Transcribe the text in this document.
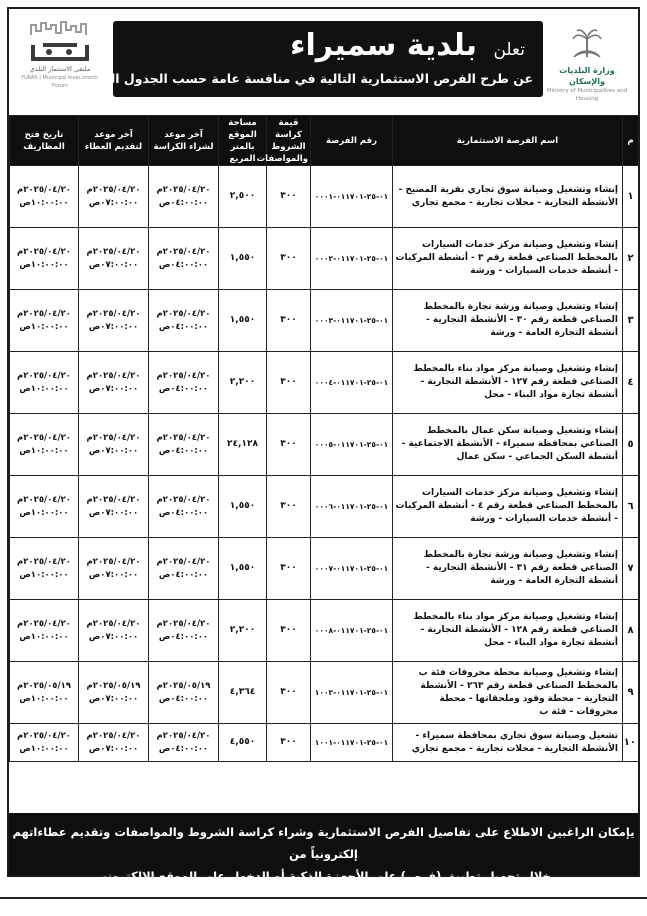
ملتقى الاستثمار البلدي
FURAS | Municipal Investments Forum
تعلن بلدية سميراء
عن طرح الفرص الاستثمارية التالية في منافسة عامة حسب الجدول التالي:
وزارة البلديات والإسكان
Ministry of Municipalities and Housing
م	اسم الفرصة الاستثمارية	رقم الفرصة	قيمة كراسة الشروط والمواصفات	مساحة الموقع بالمتر المربع	آخر موعد لشراء الكراسة	آخر موعد لتقديم العطاء	تاريخ فتح المظاريف
١	إنشاء وتشغيل وصيانة سوق تجاري بقرية المضيح - الأنشطة التجارية - محلات تجارية - مجمع تجاري	٠١-٢٥-٠١١٧٠١-٠٠٠١	٣٠٠	٢,٥٠٠	٢٠٢٥/٠٤/٢٠م ٠٤:٠٠:٠٠ص	٢٠٢٥/٠٤/٢٠م ٠٧:٠٠:٠٠ص	٢٠٢٥/٠٤/٢٠م ١٠:٠٠:٠٠ص
٢	إنشاء وتشغيل وصيانة مركز خدمات السيارات بالمخطط الصناعي قطعة رقم ٣ - أنشطة المركبات - أنشطة خدمات السيارات - ورشة	٠١-٢٥-٠١١٧٠١-٠٠٠٢	٣٠٠	١,٥٥٠	٢٠٢٥/٠٤/٢٠م ٠٤:٠٠:٠٠ص	٢٠٢٥/٠٤/٢٠م ٠٧:٠٠:٠٠ص	٢٠٢٥/٠٤/٢٠م ١٠:٠٠:٠٠ص
٣	إنشاء وتشغيل وصيانة ورشة نجارة بالمخطط الصناعي قطعة رقم ٣٠ - الأنشطة التجارية - أنشطة التجارة العامة - ورشة	٠١-٢٥-٠١١٧٠١-٠٠٠٣	٣٠٠	١,٥٥٠	٢٠٢٥/٠٤/٢٠م ٠٤:٠٠:٠٠ص	٢٠٢٥/٠٤/٢٠م ٠٧:٠٠:٠٠ص	٢٠٢٥/٠٤/٢٠م ١٠:٠٠:٠٠ص
٤	إنشاء وتشغيل وصيانة مركز مواد بناء بالمخطط الصناعي قطعة رقم ١٢٧ - الأنشطة التجارية - أنشطة تجارة مواد البناء - محل	٠١-٢٥-٠١١٧٠١-٠٠٠٤	٣٠٠	٢,٢٠٠	٢٠٢٥/٠٤/٢٠م ٠٤:٠٠:٠٠ص	٢٠٢٥/٠٤/٢٠م ٠٧:٠٠:٠٠ص	٢٠٢٥/٠٤/٢٠م ١٠:٠٠:٠٠ص
٥	إنشاء وتشغيل وصيانة سكن عمال بالمخطط الصناعي بمحافظة سميراء - الأنشطة الاجتماعية - أنشطة السكن الجماعي - سكن عمال	٠١-٢٥-٠١١٧٠١-٠٠٠٥	٣٠٠	٢٤,١٢٨	٢٠٢٥/٠٤/٢٠م ٠٤:٠٠:٠٠ص	٢٠٢٥/٠٤/٢٠م ٠٧:٠٠:٠٠ص	٢٠٢٥/٠٤/٢٠م ١٠:٠٠:٠٠ص
٦	إنشاء وتشغيل وصيانة مركز خدمات السيارات بالمخطط الصناعي قطعة رقم ٤ - أنشطة المركبات - أنشطة خدمات السيارات - ورشة	٠١-٢٥-٠١١٧٠١-٠٠٠٦	٣٠٠	١,٥٥٠	٢٠٢٥/٠٤/٢٠م ٠٤:٠٠:٠٠ص	٢٠٢٥/٠٤/٢٠م ٠٧:٠٠:٠٠ص	٢٠٢٥/٠٤/٢٠م ١٠:٠٠:٠٠ص
٧	إنشاء وتشغيل وصيانة ورشة نجارة بالمخطط الصناعي قطعة رقم ٣١ - الأنشطة التجارية - أنشطة التجارة العامة - ورشة	٠١-٢٥-٠١١٧٠١-٠٠٠٧	٣٠٠	١,٥٥٠	٢٠٢٥/٠٤/٢٠م ٠٤:٠٠:٠٠ص	٢٠٢٥/٠٤/٢٠م ٠٧:٠٠:٠٠ص	٢٠٢٥/٠٤/٢٠م ١٠:٠٠:٠٠ص
٨	إنشاء وتشغيل وصيانة مركز مواد بناء بالمخطط الصناعي قطعة رقم ١٢٨ - الأنشطة التجارية - أنشطة تجارة مواد البناء - محل	٠١-٢٥-٠١١٧٠١-٠٠٠٨	٣٠٠	٢,٢٠٠	٢٠٢٥/٠٤/٢٠م ٠٤:٠٠:٠٠ص	٢٠٢٥/٠٤/٢٠م ٠٧:٠٠:٠٠ص	٢٠٢٥/٠٤/٢٠م ١٠:٠٠:٠٠ص
٩	إنشاء وتشغيل وصيانة محطة محروقات فئة ب بالمخطط الصناعي قطعة رقم ٢٦٣ - الأنشطة التجارية - محطة وقود وملحقاتها - محطة محروقات - فئة ب	٠١-٢٥-٠١١٧٠١-١٠٠٢	٣٠٠	٤,٣٦٤	٢٠٢٥/٠٥/١٩م ٠٤:٠٠:٠٠ص	٢٠٢٥/٠٥/١٩م ٠٧:٠٠:٠٠ص	٢٠٢٥/٠٥/١٩م ١٠:٠٠:٠٠ص
١٠	تشغيل وصيانة سوق تجاري بمحافظة سميراء - الأنشطة التجارية - محلات تجارية - مجمع تجاري	٠١-٢٥-٠١١٧٠١-١٠٠١	٣٠٠	٤,٥٥٠	٢٠٢٥/٠٤/٢٠م ٠٤:٠٠:٠٠ص	٢٠٢٥/٠٤/٢٠م ٠٧:٠٠:٠٠ص	٢٠٢٥/٠٤/٢٠م ١٠:٠٠:٠٠ص
يإمكان الراغبين الاطلاع على تفاصيل الفرص الاستثمارية وشراء كراسة الشروط والمواصفات وتقديم عطاءاتهم إلكترونياً من
خلال تحميل تطبيق (فرص) على الأجهزة الذكية أو الدخول على الموقع الالكتروني (https://Furas.momra.gov.sa).
